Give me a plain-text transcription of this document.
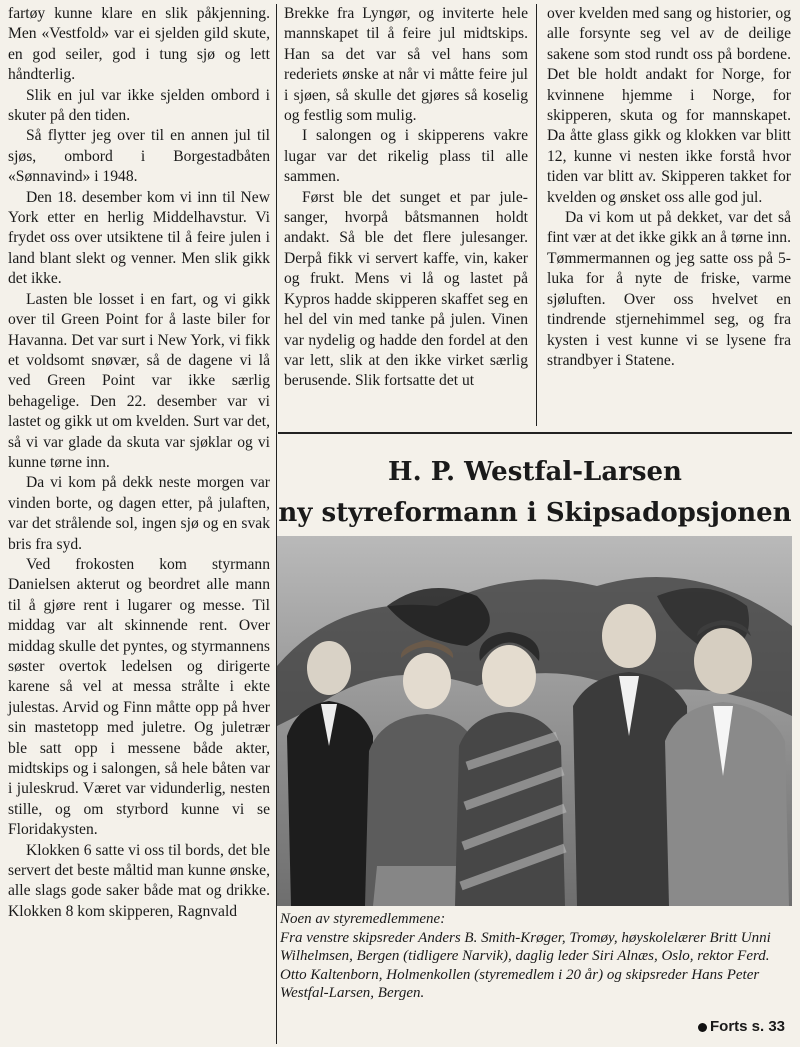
fartøy kunne klare en slik påkjenning. Men «Vestfold» var ei sjelden gild skute, en god seiler, god i tung sjø og lett håndterlig.

Slik en jul var ikke sjelden ombord i skuter på den tiden.

Så flytter jeg over til en annen jul til sjøs, ombord i Borgestadbåten «Sønnavind» i 1948.

Den 18. desember kom vi inn til New York etter en herlig Middelhavstur. Vi frydet oss over utsiktene til å feire julen i land blant slekt og venner. Men slik gikk det ikke.

Lasten ble losset i en fart, og vi gikk over til Green Point for å laste biler for Havanna. Det var surt i New York, vi fikk et voldsomt snøvær, så de dagene vi lå ved Green Point var ikke særlig behagelige. Den 22. desember var vi lastet og gikk ut om kvelden. Surt var det, så vi var glade da skuta var sjøklar og vi kunne tørne inn.

Da vi kom på dekk neste morgen var vinden borte, og dagen etter, på julaften, var det strålende sol, ingen sjø og en svak bris fra syd.

Ved frokosten kom styrmann Danielsen akterut og beordret alle mann til å gjøre rent i lugarer og messe. Til middag var alt skinnende rent. Over middag skulle det pyntes, og styrmannens søster overtok ledelsen og dirigerte karene så vel at messa strålte i ekte julestas. Arvid og Finn måtte opp på hver sin mastetopp med juletre. Og juletrær ble satt opp i messene både akter, midtskips og i salongen, så hele båten var i juleskrud. Været var vidunderlig, nesten stille, og om styrbord kunne vi se Floridakysten.

Klokken 6 satte vi oss til bords, det ble servert det beste måltid man kunne ønske, alle slags gode saker både mat og drikke. Klokken 8 kom skipperen, Ragnvald

Brekke fra Lyngør, og inviterte hele mannskapet til å feire jul midtskips. Han sa det var så vel hans som rederiets ønske at når vi måtte feire jul i sjøen, så skulle det gjøres så koselig og festlig som mulig.

I salongen og i skipperens vakre lugar var det rikelig plass til alle sammen.

Først ble det sunget et par julesanger, hvorpå båtsmannen holdt andakt. Så ble det flere julesanger. Derpå fikk vi servert kaffe, vin, kaker og frukt. Mens vi lå og lastet på Kypros hadde skipperen skaffet seg en hel del vin med tanke på julen. Vinen var nydelig og hadde den fordel at den var lett, slik at den ikke virket særlig berusende. Slik fortsatte det ut

over kvelden med sang og historier, og alle forsynte seg vel av de deilige sakene som stod rundt oss på bordene. Det ble holdt andakt for Norge, for kvinnene hjemme i Norge, for skipperen, skuta og for mannskapet. Da åtte glass gikk og klokken var blitt 12, kunne vi nesten ikke forstå hvor tiden var blitt av. Skipperen takket for kvelden og ønsket oss alle god jul.

Da vi kom ut på dekket, var det så fint vær at det ikke gikk an å tørne inn. Tømmermannen og jeg satte oss på 5-luka for å nyte de friske, varme sjøluften. Over oss hvelvet en tindrende stjernehimmel seg, og fra kysten i vest kunne vi se lysene fra strandbyer i Statene.

H. P. Westfal-Larsen
ny styreformann i Skipsadopsjonen
Noen av styremedlemmene:
Fra venstre skipsreder Anders B. Smith-Krøger, Tromøy, høyskolelærer Britt Unni Wilhelmsen, Bergen (tidligere Narvik), daglig leder Siri Alnæs, Oslo, rektor Ferd. Otto Kaltenborn, Holmenkollen (styremedlem i 20 år) og skipsreder Hans Peter Westfal-Larsen, Bergen.
Forts s. 33
